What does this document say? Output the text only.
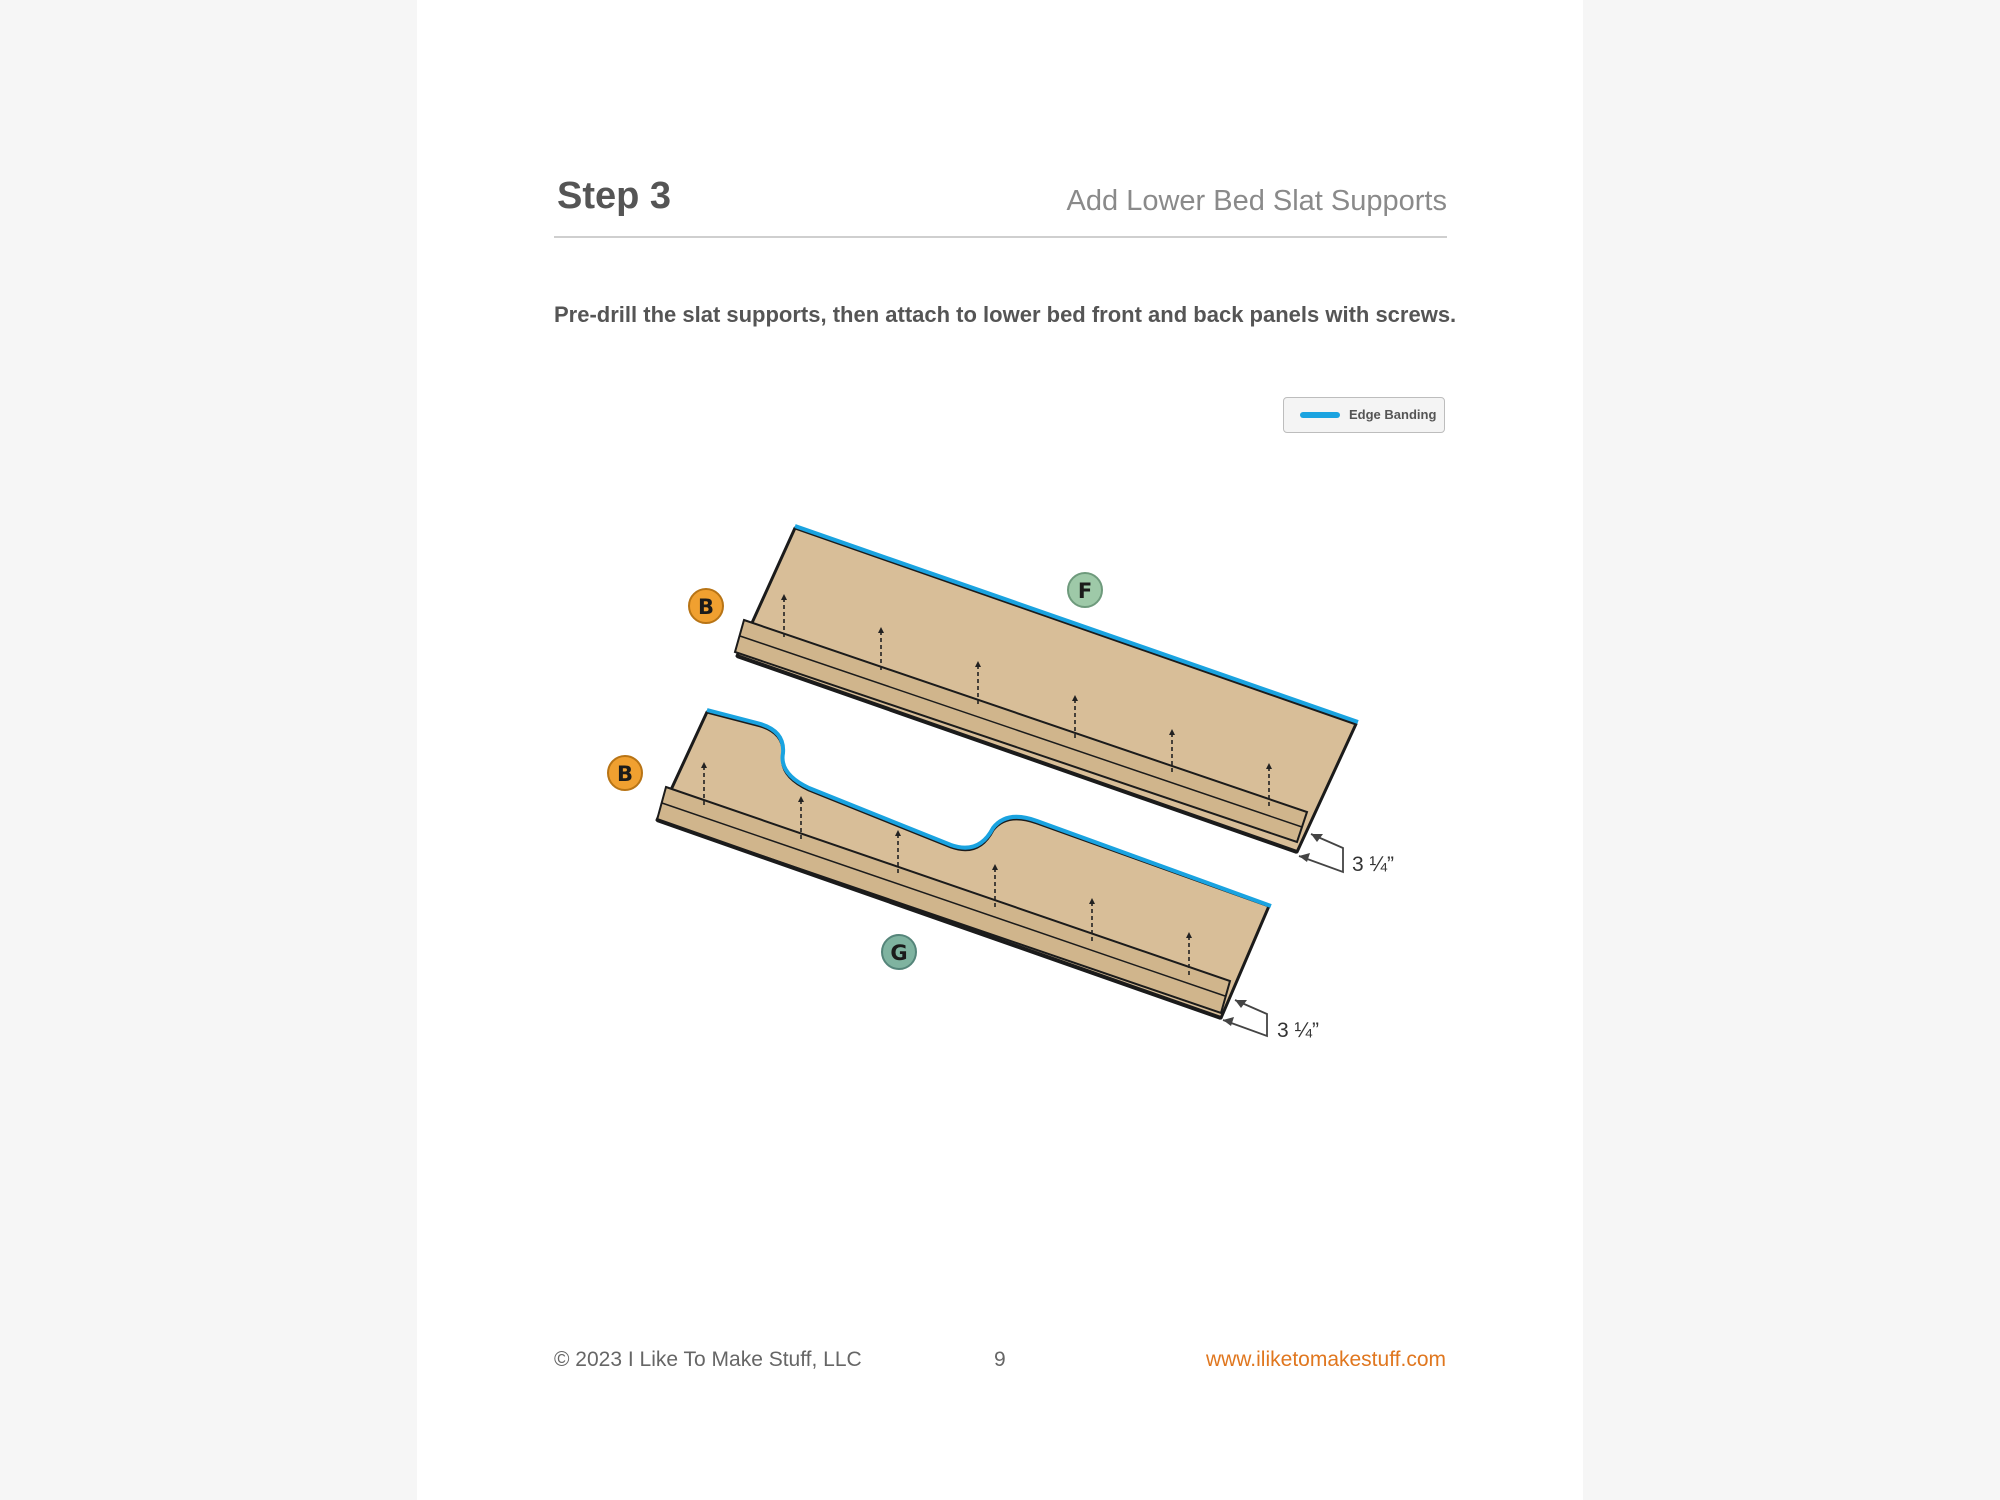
Step 3	Add Lower Bed Slat Supports
Pre-drill the slat supports, then attach to lower bed front and back panels with screws.
Edge Banding
3 ¼”
3 ¼”
B
F
B
G
© 2023 I Like To Make Stuff, LLC	9	www.iliketomakestuff.com
